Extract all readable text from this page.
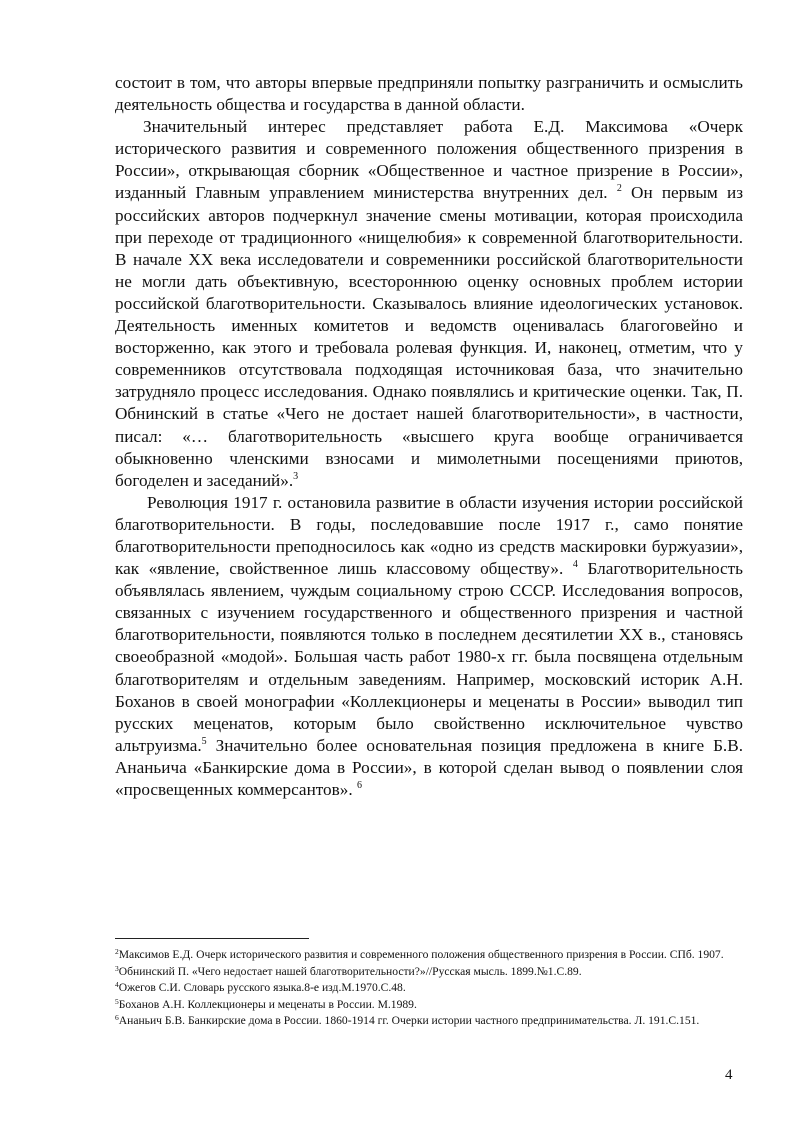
состоит в том, что авторы впервые предприняли попытку разграничить и осмыслить деятельность общества и государства в данной области.

Значительный интерес представляет работа Е.Д. Максимова «Очерк исторического развития и современного положения общественного призрения в России», открывающая сборник «Общественное и частное призрение в России», изданный Главным управлением министерства внутренних дел. $^2$ Он первым из российских авторов подчеркнул значение смены мотивации, которая происходила при переходе от традиционного «нищелюбия» к современной благотворительности. В начале XX века исследователи и современники российской благотворительности не могли дать объективную, всестороннюю оценку основных проблем истории российской благотворительности. Сказывалось влияние идеологических установок. Деятельность именных комитетов и ведомств оценивалась благоговейно и восторженно, как этого и требовала ролевая функция. И, наконец, отметим, что у современников отсутствовала подходящая источниковая база, что значительно затрудняло процесс исследования. Однако появлялись и критические оценки. Так, П. Обнинский в статье «Чего не достает нашей благотворительности», в частности, писал: «… благотворительность «высшего круга вообще ограничивается обыкновенно членскими взносами и мимолетными посещениями приютов, богоделен и заседаний».$^3$

Революция 1917 г. остановила развитие в области изучения истории российской благотворительности. В годы, последовавшие после 1917 г., само понятие благотворительности преподносилось как «одно из средств маскировки буржуазии», как «явление, свойственное лишь классовому обществу». $^4$ Благотворительность объявлялась явлением, чуждым социальному строю СССР. Исследования вопросов, связанных с изучением государственного и общественного призрения и частной благотворительности, появляются только в последнем десятилетии XX в., становясь своеобразной «модой». Большая часть работ 1980-х гг. была посвящена отдельным благотворителям и отдельным заведениям. Например, московский историк А.Н. Боханов в своей монографии «Коллекционеры и меценаты в России» выводил тип русских меценатов, которым было свойственно исключительное чувство альтруизма.$^5$ Значительно более основательная позиция предложена в книге Б.В. Ананьича «Банкирские дома в России», в которой сделан вывод о появлении слоя «просвещенных коммерсантов». $^6$

$^2$Максимов Е.Д. Очерк исторического развития и современного положения общественного призрения в России. СПб. 1907.

$^3$Обнинский П. «Чего недостает нашей благотворительности?»//Русская мысль. 1899.№1.С.89.

$^4$Ожегов С.И. Словарь русского языка.8-е изд.М.1970.С.48.

$^5$Боханов А.Н. Коллекционеры и меценаты в России. М.1989.

$^6$Ананьич Б.В. Банкирские дома в России. 1860-1914 гг. Очерки истории частного предпринимательства. Л. 191.С.151.

4
